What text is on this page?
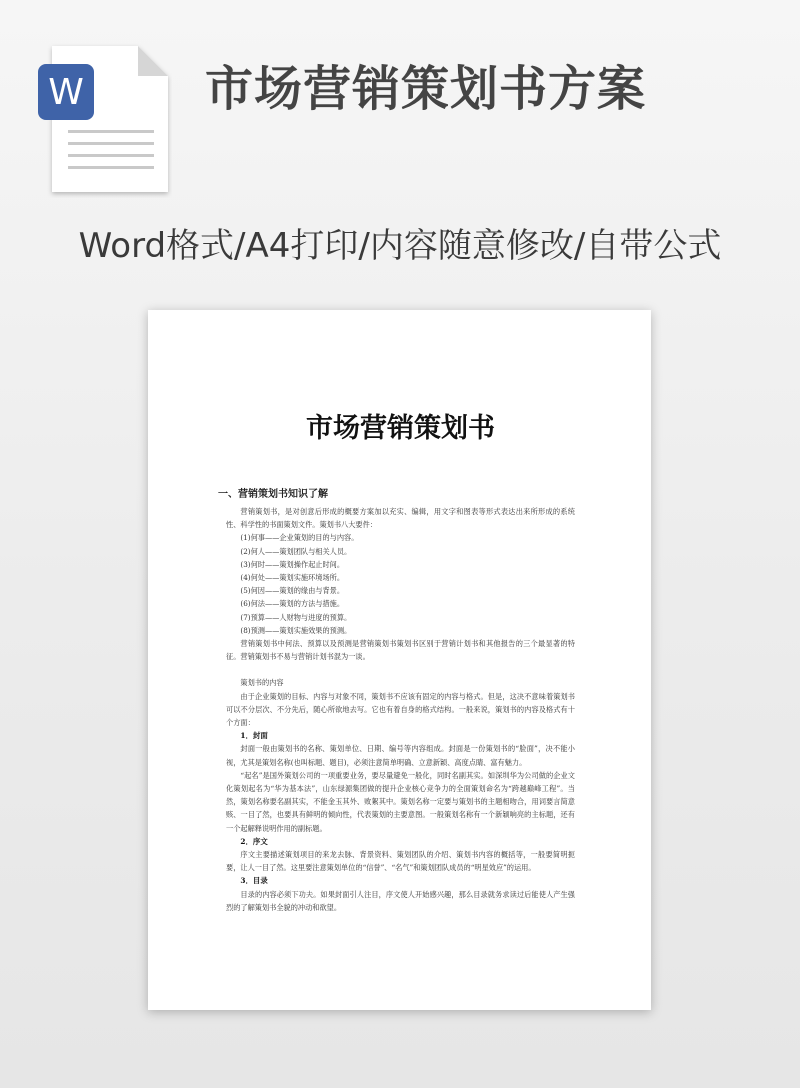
W	市场营销策划书方案
Word格式/A4打印/内容随意修改/自带公式
市场营销策划书
一、营销策划书知识了解

营销策划书，是对创意后形成的概要方案加以充实、编辑，用文字和图表等形式表达出来所形成的系统性、科学性的书面策划文件。策划书八大要件：

(1)何事——企业策划的目的与内容。

(2)何人——策划团队与相关人员。

(3)何时——策划操作起止时间。

(4)何处——策划实施环境场所。

(5)何因——策划的缘由与背景。

(6)何法——策划的方法与措施。

(7)预算——人财物与进度的预算。

(8)预测——策划实施效果的预测。

营销策划书中何法、预算以及预测是营销策划书策划书区别于营销计划书和其他报告的三个最显著的特征。营销策划书不易与营销计划书混为一谈。

策划书的内容

由于企业策划的目标、内容与对象不同，策划书不应该有固定的内容与格式。但是，这决不意味着策划书可以不分层次、不分先后，随心所欲地去写。它也有着自身的格式结构。一般来说，策划书的内容及格式有十个方面：

1．封面

封面一般由策划书的名称、策划单位、日期、编号等内容组成。封面是一份策划书的“脸面”，决不能小视，尤其是策划名称(也叫标题、题目)，必须注意简单明确、立意新颖、高度点睛、富有魅力。

“起名”是国外策划公司的一项重要业务，要尽量避免一般化，同时名副其实。如深圳华为公司做的企业文化策划起名为“华为基本法”，山东绿源集团做的提升企业核心竞争力的全面策划命名为“跨越巅峰工程”。当然，策划名称要名副其实，不能金玉其外、败絮其中。策划名称一定要与策划书的主题相吻合，用词要言简意赅、一目了然，也要具有鲜明的倾向性，代表策划的主要意图。一般策划名称有一个新颖响亮的主标题，还有一个起解释说明作用的副标题。

2．序文

序文主要描述策划项目的来龙去脉、背景资料、策划团队的介绍、策划书内容的概括等，一般要简明扼要，让人一目了然。这里要注意策划单位的“信誉”、“名气”和策划团队成员的“明星效应”的运用。

3．目录

目录的内容必须下功夫。如果封面引人注目，序文使人开始感兴趣，那么目录就务求读过后能使人产生强烈的了解策划书全貌的冲动和欲望。
